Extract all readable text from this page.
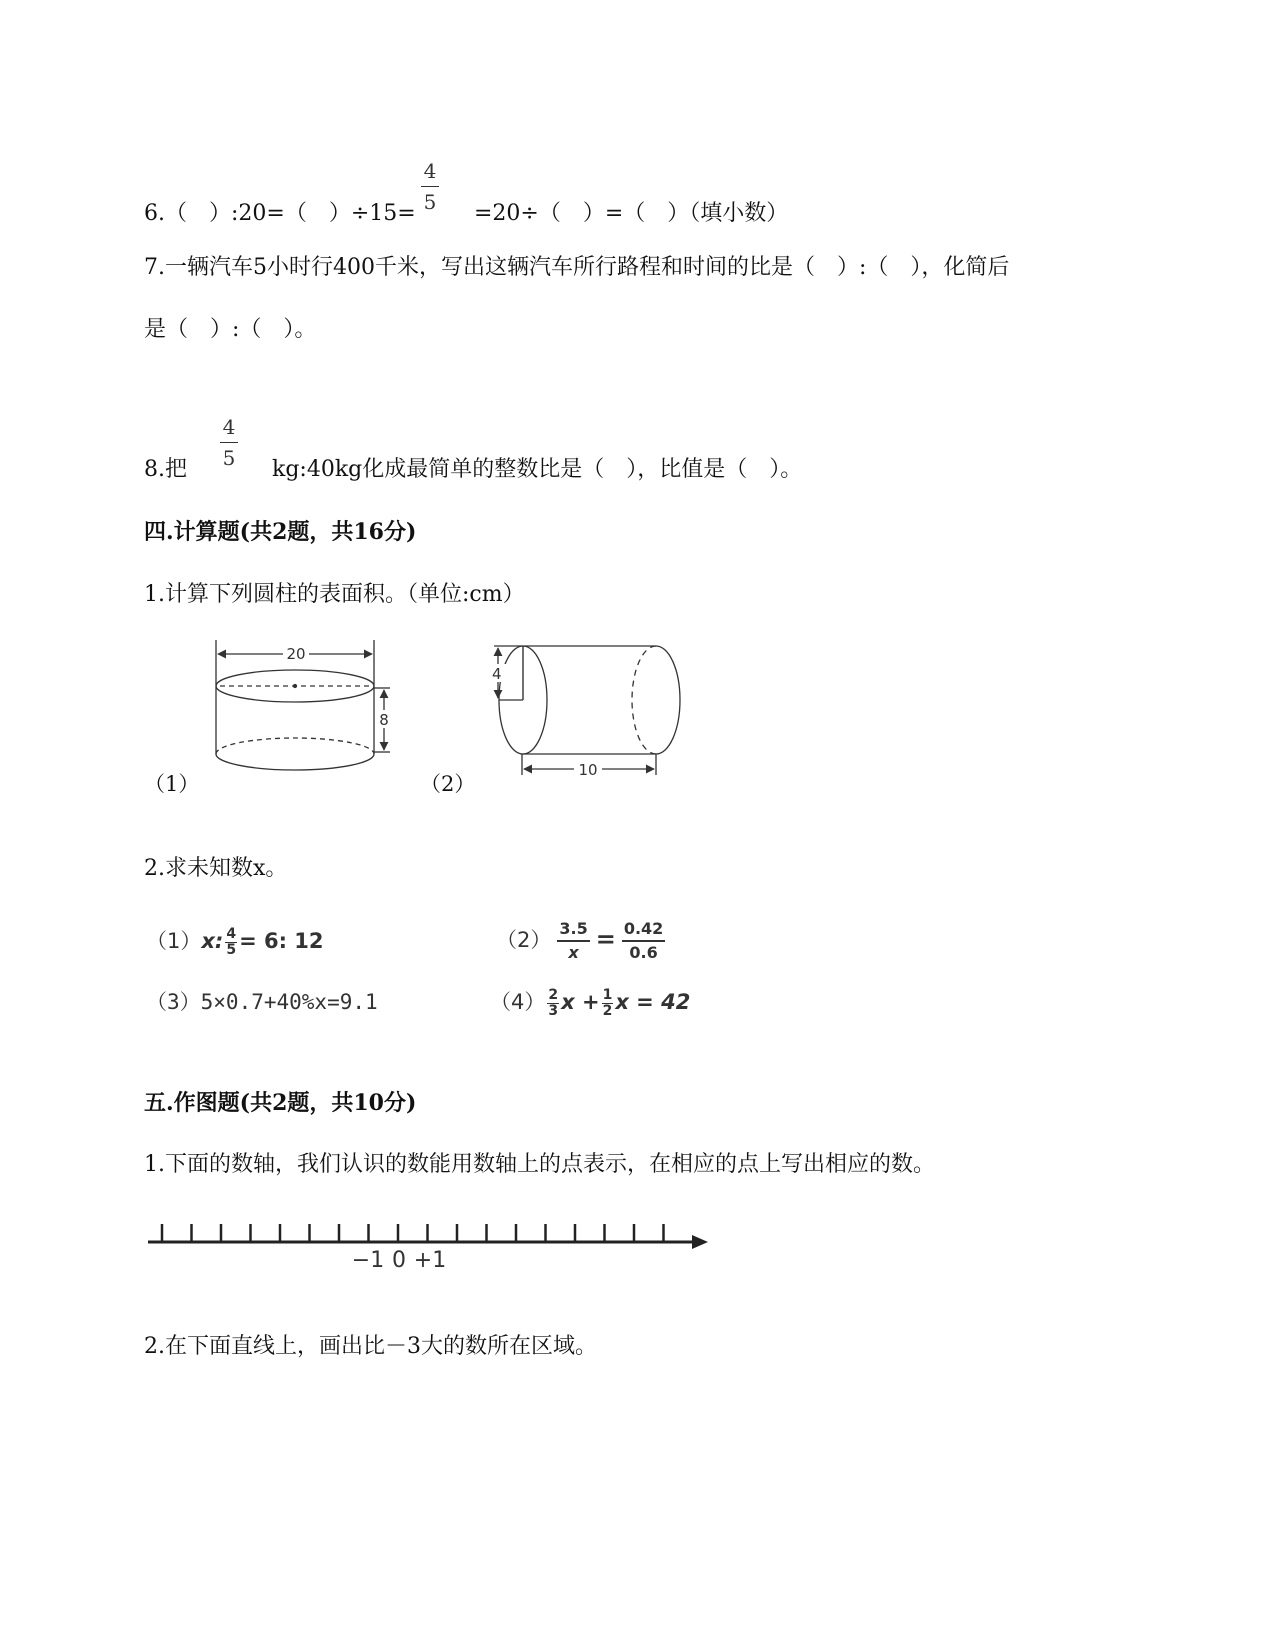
6.（　）:20=（　）÷15=
4
5 =20÷（　）=（　）（填小数）
7.一辆汽车5小时行400千米，写出这辆汽车所行路程和时间的比是（　）:（　），化简后
是（　）:（　）。
8.把
4
5 kg:40kg化成最简单的整数比是（　），比值是（　）。
四.计算题(共2题，共16分)
1.计算下列圆柱的表面积。（单位:cm）
20
8
4
10
（1）	（2）
2.求未知数x。
（1）x: $\frac{4}{5} = 6$: 12	$(2) \frac{3.5}{x} = \frac{0.42}{0.6}$
（3）5×0.7+40%x=9.1	$(4) \frac{2}{3}$ $x + \frac{1}{2}$ x = 42
五.作图题(共2题，共10分)
1.下面的数轴，我们认识的数能用数轴上的点表示，在相应的点上写出相应的数。
−1 0 +1
2.在下面直线上，画出比－3大的数所在区域。
